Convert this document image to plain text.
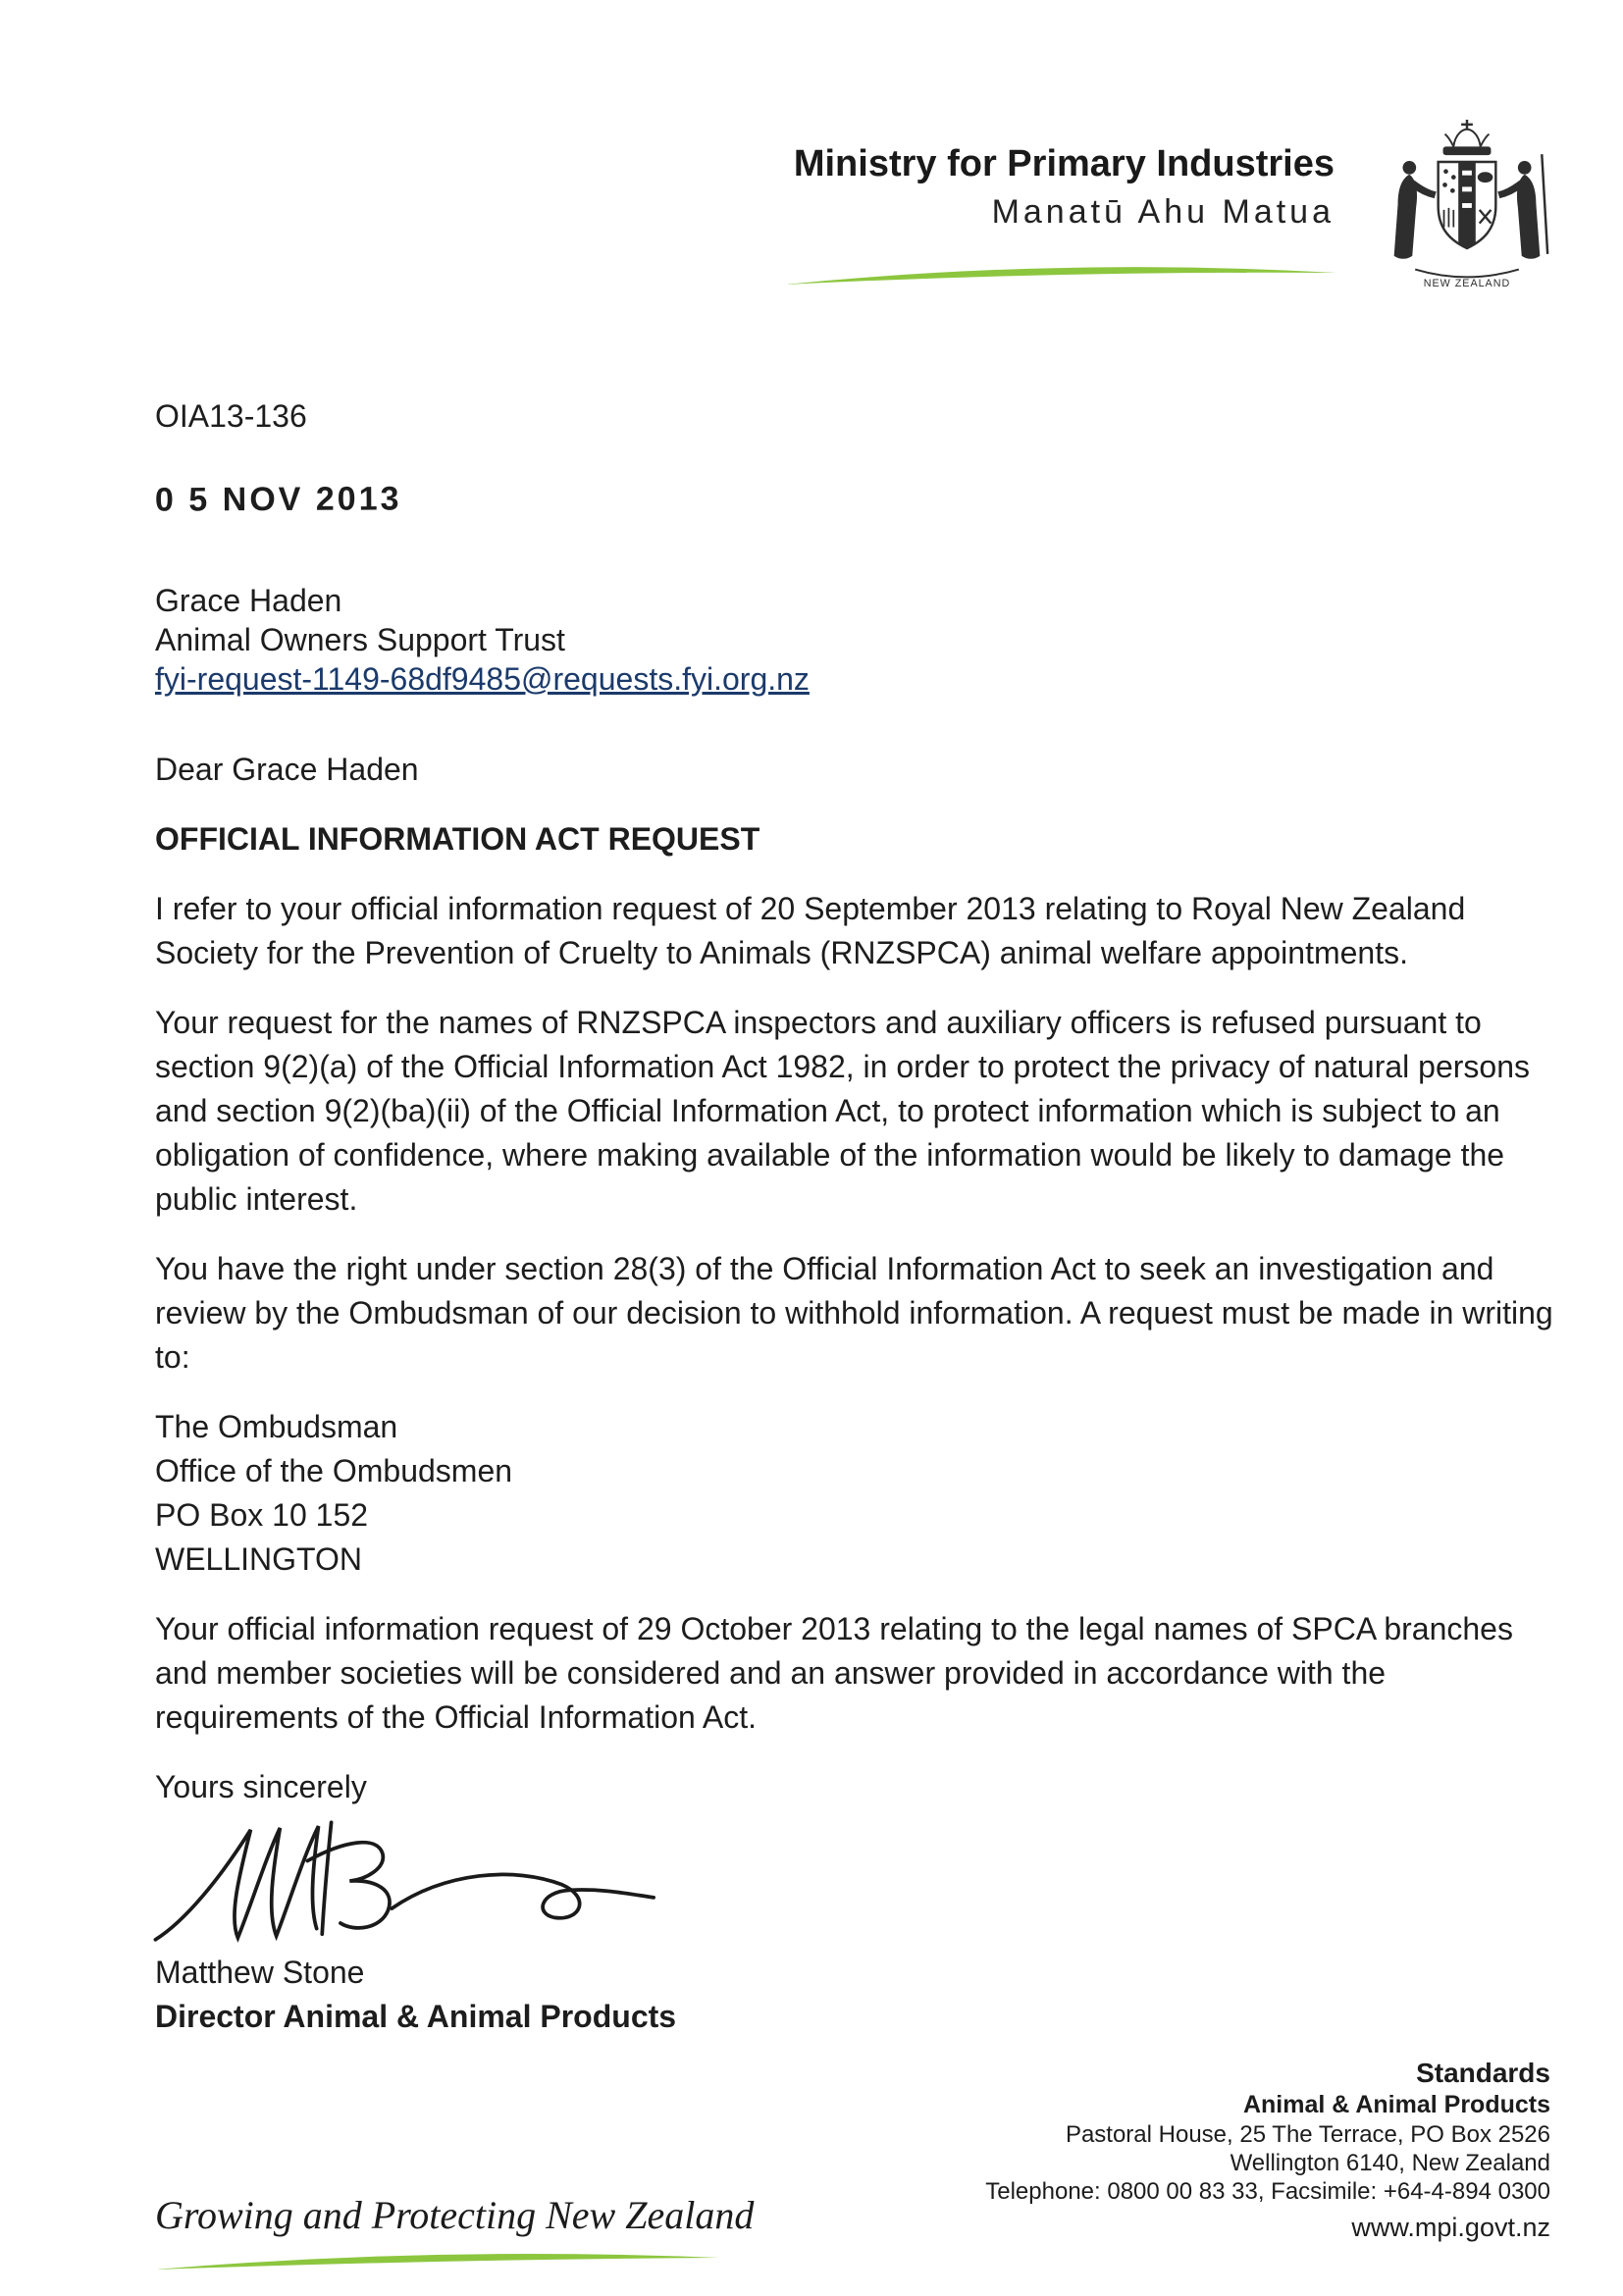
Ministry for Primary Industries
Manatū Ahu Matua
NEW ZEALAND

OIA13-136

0 5 NOV 2013
Grace Haden
Animal Owners Support Trust
fyi-request-1149-68df9485@requests.fyi.org.nz

Dear Grace Haden

OFFICIAL INFORMATION ACT REQUEST

I refer to your official information request of 20 September 2013 relating to Royal New Zealand Society for the Prevention of Cruelty to Animals (RNZSPCA) animal welfare appointments.

Your request for the names of RNZSPCA inspectors and auxiliary officers is refused pursuant to section 9(2)(a) of the Official Information Act 1982, in order to protect the privacy of natural persons and section 9(2)(ba)(ii) of the Official Information Act, to protect information which is subject to an obligation of confidence, where making available of the information would be likely to damage the public interest.

You have the right under section 28(3) of the Official Information Act to seek an investigation and review by the Ombudsman of our decision to withhold information. A request must be made in writing to:

The Ombudsman
Office of the Ombudsmen
PO Box 10 152
WELLINGTON

Your official information request of 29 October 2013 relating to the legal names of SPCA branches and member societies will be considered and an answer provided in accordance with the requirements of the Official Information Act.

Yours sincerely

Matthew Stone

Director Animal & Animal Products

Standards
Animal & Animal Products
Pastoral House, 25 The Terrace, PO Box 2526
Wellington 6140, New Zealand
Telephone: 0800 00 83 33, Facsimile: +64-4-894 0300
www.mpi.govt.nz
Growing and Protecting New Zealand
